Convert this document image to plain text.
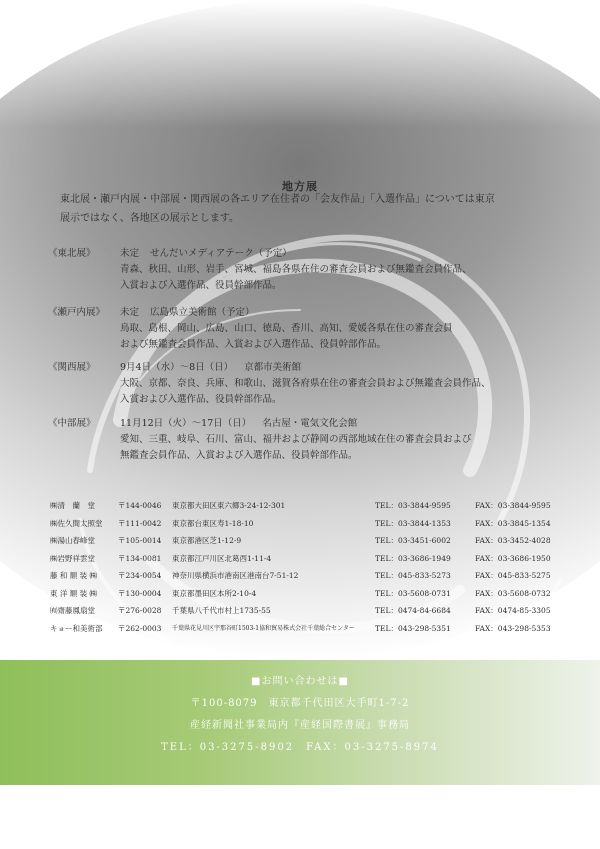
地方展
東北展・瀬戸内展・中部展・関西展の各エリア在住者の「会友作品」「入選作品」については東京
展示ではなく、各地区の展示とします。
《東北展》	未定 せんだいメディアテーク（予定）
青森、秋田、山形、岩手、宮城、福島各県在住の審査会員および無鑑査会員作品、
入賞および入選作品、役員幹部作品。
《瀬戸内展》	未定 広島県立美術館（予定）
鳥取、島根、岡山、広島、山口、徳島、香川、高知、愛媛各県在住の審査会員
および無鑑査会員作品、入賞および入選作品、役員幹部作品。
《関西展》	9月4日（水）～8日（日） 京都市美術館
大阪、京都、奈良、兵庫、和歌山、滋賀各府県在住の審査会員および無鑑査会員作品、
入賞および入選作品、役員幹部作品。
《中部展》	11月12日（火）～17日（日） 名古屋・電気文化会館
愛知、三重、岐阜、石川、富山、福井および静岡の西部地域在住の審査会員および
無鑑査会員作品、入賞および入選作品、役員幹部作品。
㈱清　蘭　堂	〒144-0046 東京都大田区東六郷3-24-12-301	TEL：03-3844-9595	FAX：03-3844-9595
㈱佐久間太照堂	〒111-0042 東京都台東区寿1-18-10	TEL：03-3844-1353	FAX：03-3845-1354
㈱湯山春峰堂	〒105-0014 東京都港区芝1-12-9	TEL：03-3451-6002	FAX：03-3452-4028
㈱岩野祥雲堂	〒134-0081 東京都江戸川区北葛西1-11-4	TEL：03-3686-1949	FAX：03-3686-1950
藤 和 額 装 ㈱	〒234-0054 神奈川県横浜市港南区港南台7-51-12	TEL：045-833-5273	FAX：045-833-5275
東 洋 額 装 ㈱	〒130-0004 東京都墨田区本所2-10-4	TEL：03-5608-0731	FAX：03-5608-0732
㈲齋藤鳳扇堂	〒276-0028 千葉県八千代市村上1735-55	TEL：0474-84-6684	FAX：0474-85-3305
キョー和美術部	〒262-0003 千葉県花見川区宇那谷町1503-1協和貿易株式会社千葉総合センター	TEL：043-298-5351	FAX：043-298-5353
■お問い合わせは■
〒100-8079　東京都千代田区大手町1-7-2
産経新聞社事業局内『産経国際書展』事務局
TEL：03-3275-8902　FAX：03-3275-8974
